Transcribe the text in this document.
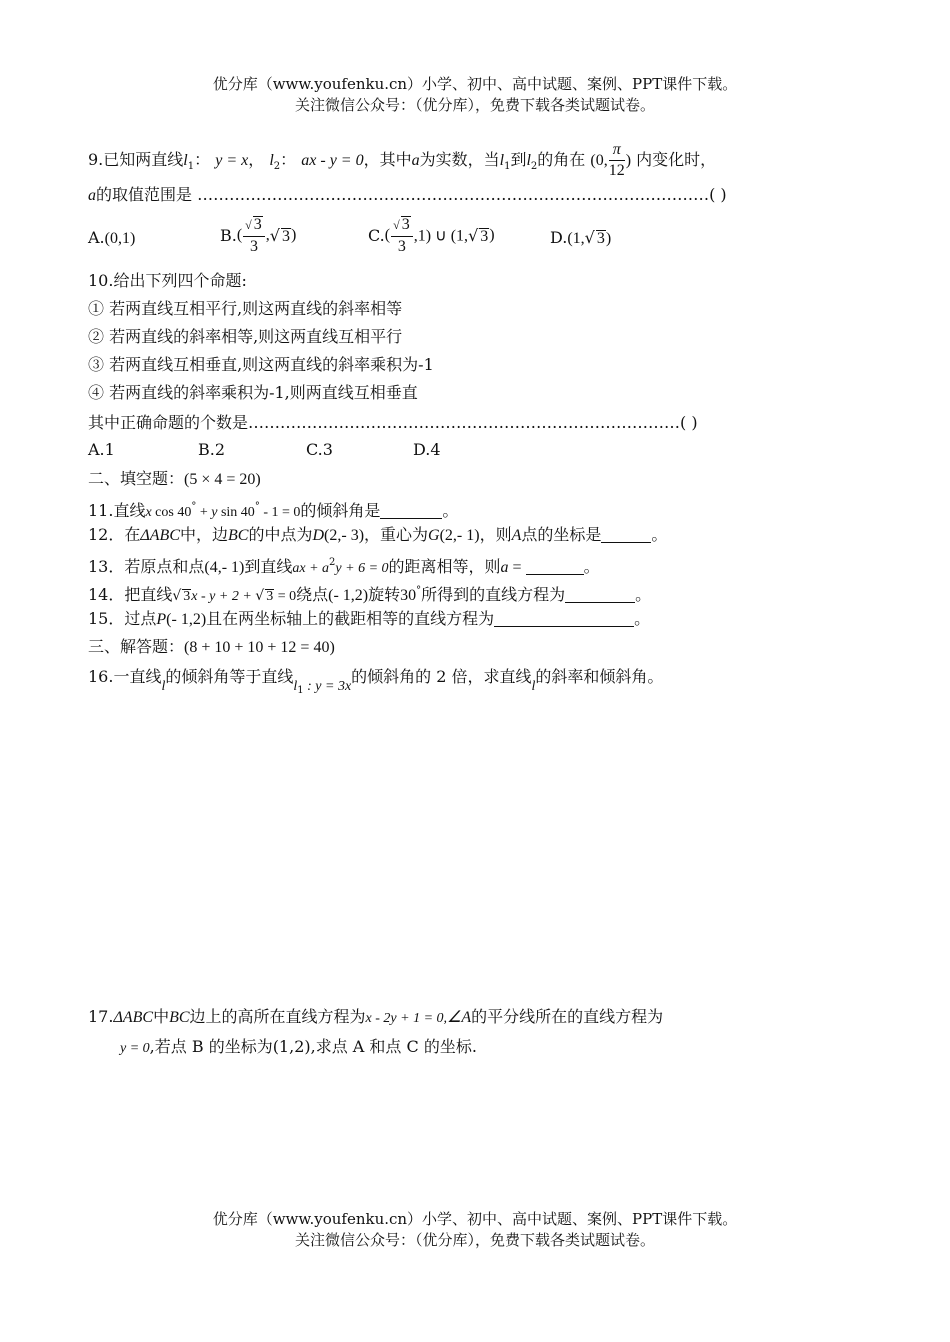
优分库（www.youfenku.cn）小学、初中、高中试题、案例、PPT课件下载。
关注微信公众号：（优分库），免费下载各类试题试卷。
9.已知两直线$l_1$： y = x， $l_2$： ax - y = 0，其中a为实数，当$l_1$到$l_2$的角在 (0, $\frac{\pi}{12}$ ) 内变化时，
a的取值范围是 ……………………………………………………………………………………( )
A.(0,1)	$B.( \frac{√ 3}{3}$ ,√ 3)	$C.( \frac{√ 3}{3} ,1)$ ∪ (1,√ 3)	D.(1,√ 3)
10.给出下列四个命题:
① 若两直线互相平行,则这两直线的斜率相等
② 若两直线的斜率相等,则这两直线互相平行
③ 若两直线互相垂直,则这两直线的斜率乘积为-1
④ 若两直线的斜率乘积为-1,则两直线互相垂直
其中正确命题的个数是………………………………………………………………………( )
A.1	B.2	C.3	D.4
二、填空题：(5 × 4 = 20)
11.直线x cos 40° + y sin 40° - 1 = 0的倾斜角是	。
12．在ΔABC中，边BC的中点为D(2,- 3)，重心为G(2,- 1)，则A点的坐标是	。
13．若原点和点(4,- 1)到直线ax + $a^2y + 6 = 0$的距离相等，则a =	。
14．把直线√ 3x - y + 2 + √ 3 = 0绕点(- 1,2)旋转30°所得到的直线方程为	。
15．过点P(- 1,2)且在两坐标轴上的截距相等的直线方程为	。
三、解答题：(8 + 10 + 10 + 12 = 40)
16.一直线l的倾斜角等于直线$l_1$ : y = 3x的倾斜角的 2 倍，求直线l的斜率和倾斜角。
17.ΔABC中BC边上的高所在直线方程为x - 2y + 1 = 0,∠A的平分线所在的直线方程为
y = 0,若点 B 的坐标为(1,2),求点 A 和点 C 的坐标.
优分库（www.youfenku.cn）小学、初中、高中试题、案例、PPT课件下载。
关注微信公众号：（优分库），免费下载各类试题试卷。
